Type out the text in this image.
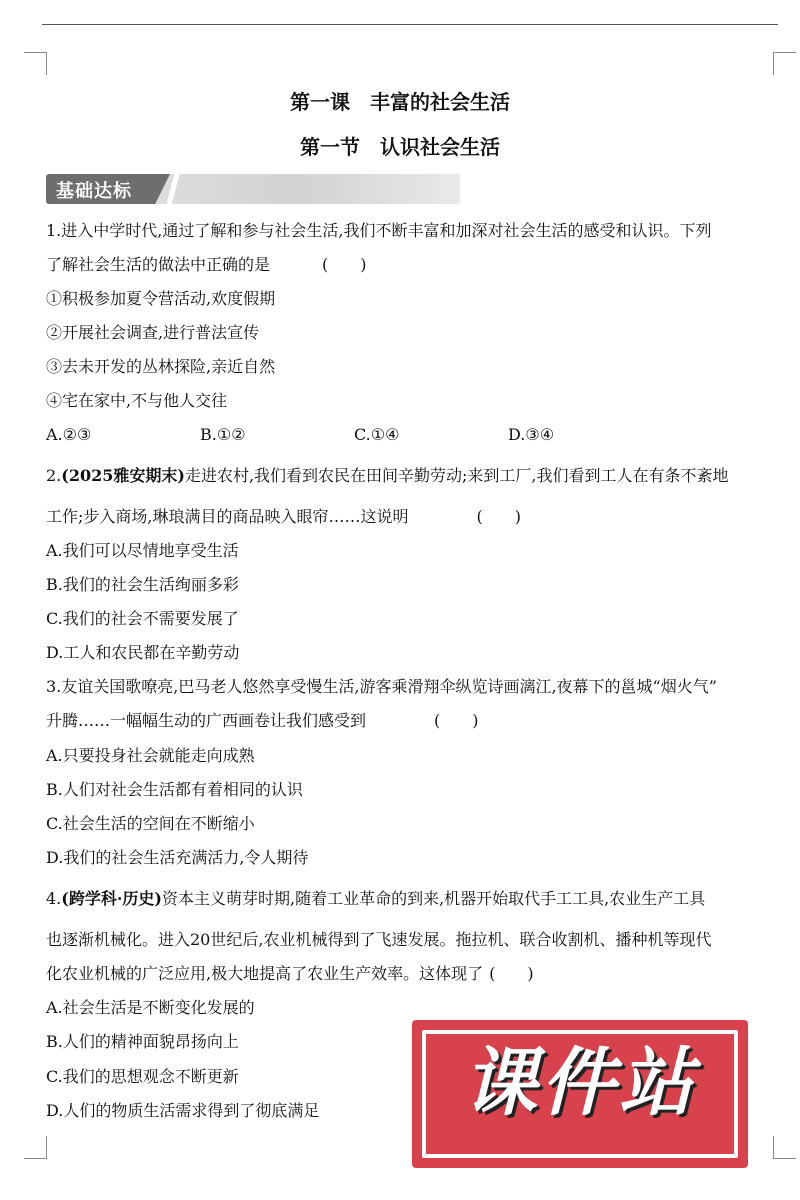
第一课　丰富的社会生活
第一节　认识社会生活
基础达标
1.进入中学时代,通过了解和参与社会生活,我们不断丰富和加深对社会生活的感受和认识。下列
了解社会生活的做法中正确的是	(　　)
①积极参加夏令营活动,欢度假期
②开展社会调查,进行普法宣传
③去未开发的丛林探险,亲近自然
④宅在家中,不与他人交往
A.②③	B.①②	C.①④	D.③④
2.(2025雅安期末)走进农村,我们看到农民在田间辛勤劳动;来到工厂,我们看到工人在有条不紊地
工作;步入商场,琳琅满目的商品映入眼帘……这说明	(　　)
A.我们可以尽情地享受生活
B.我们的社会生活绚丽多彩
C.我们的社会不需要发展了
D.工人和农民都在辛勤劳动
3.友谊关国歌嘹亮,巴马老人悠然享受慢生活,游客乘滑翔伞纵览诗画漓江,夜幕下的邕城“烟火气”
升腾……一幅幅生动的广西画卷让我们感受到	(　　)
A.只要投身社会就能走向成熟
B.人们对社会生活都有着相同的认识
C.社会生活的空间在不断缩小
D.我们的社会生活充满活力,令人期待
4.(跨学科·历史)资本主义萌芽时期,随着工业革命的到来,机器开始取代手工工具,农业生产工具
也逐渐机械化。进入20世纪后,农业机械得到了飞速发展。拖拉机、联合收割机、播种机等现代
化农业机械的广泛应用,极大地提高了农业生产效率。这体现了 (　　)
A.社会生活是不断变化发展的
B.人们的精神面貌昂扬向上
C.我们的思想观念不断更新
D.人们的物质生活需求得到了彻底满足	课件站
